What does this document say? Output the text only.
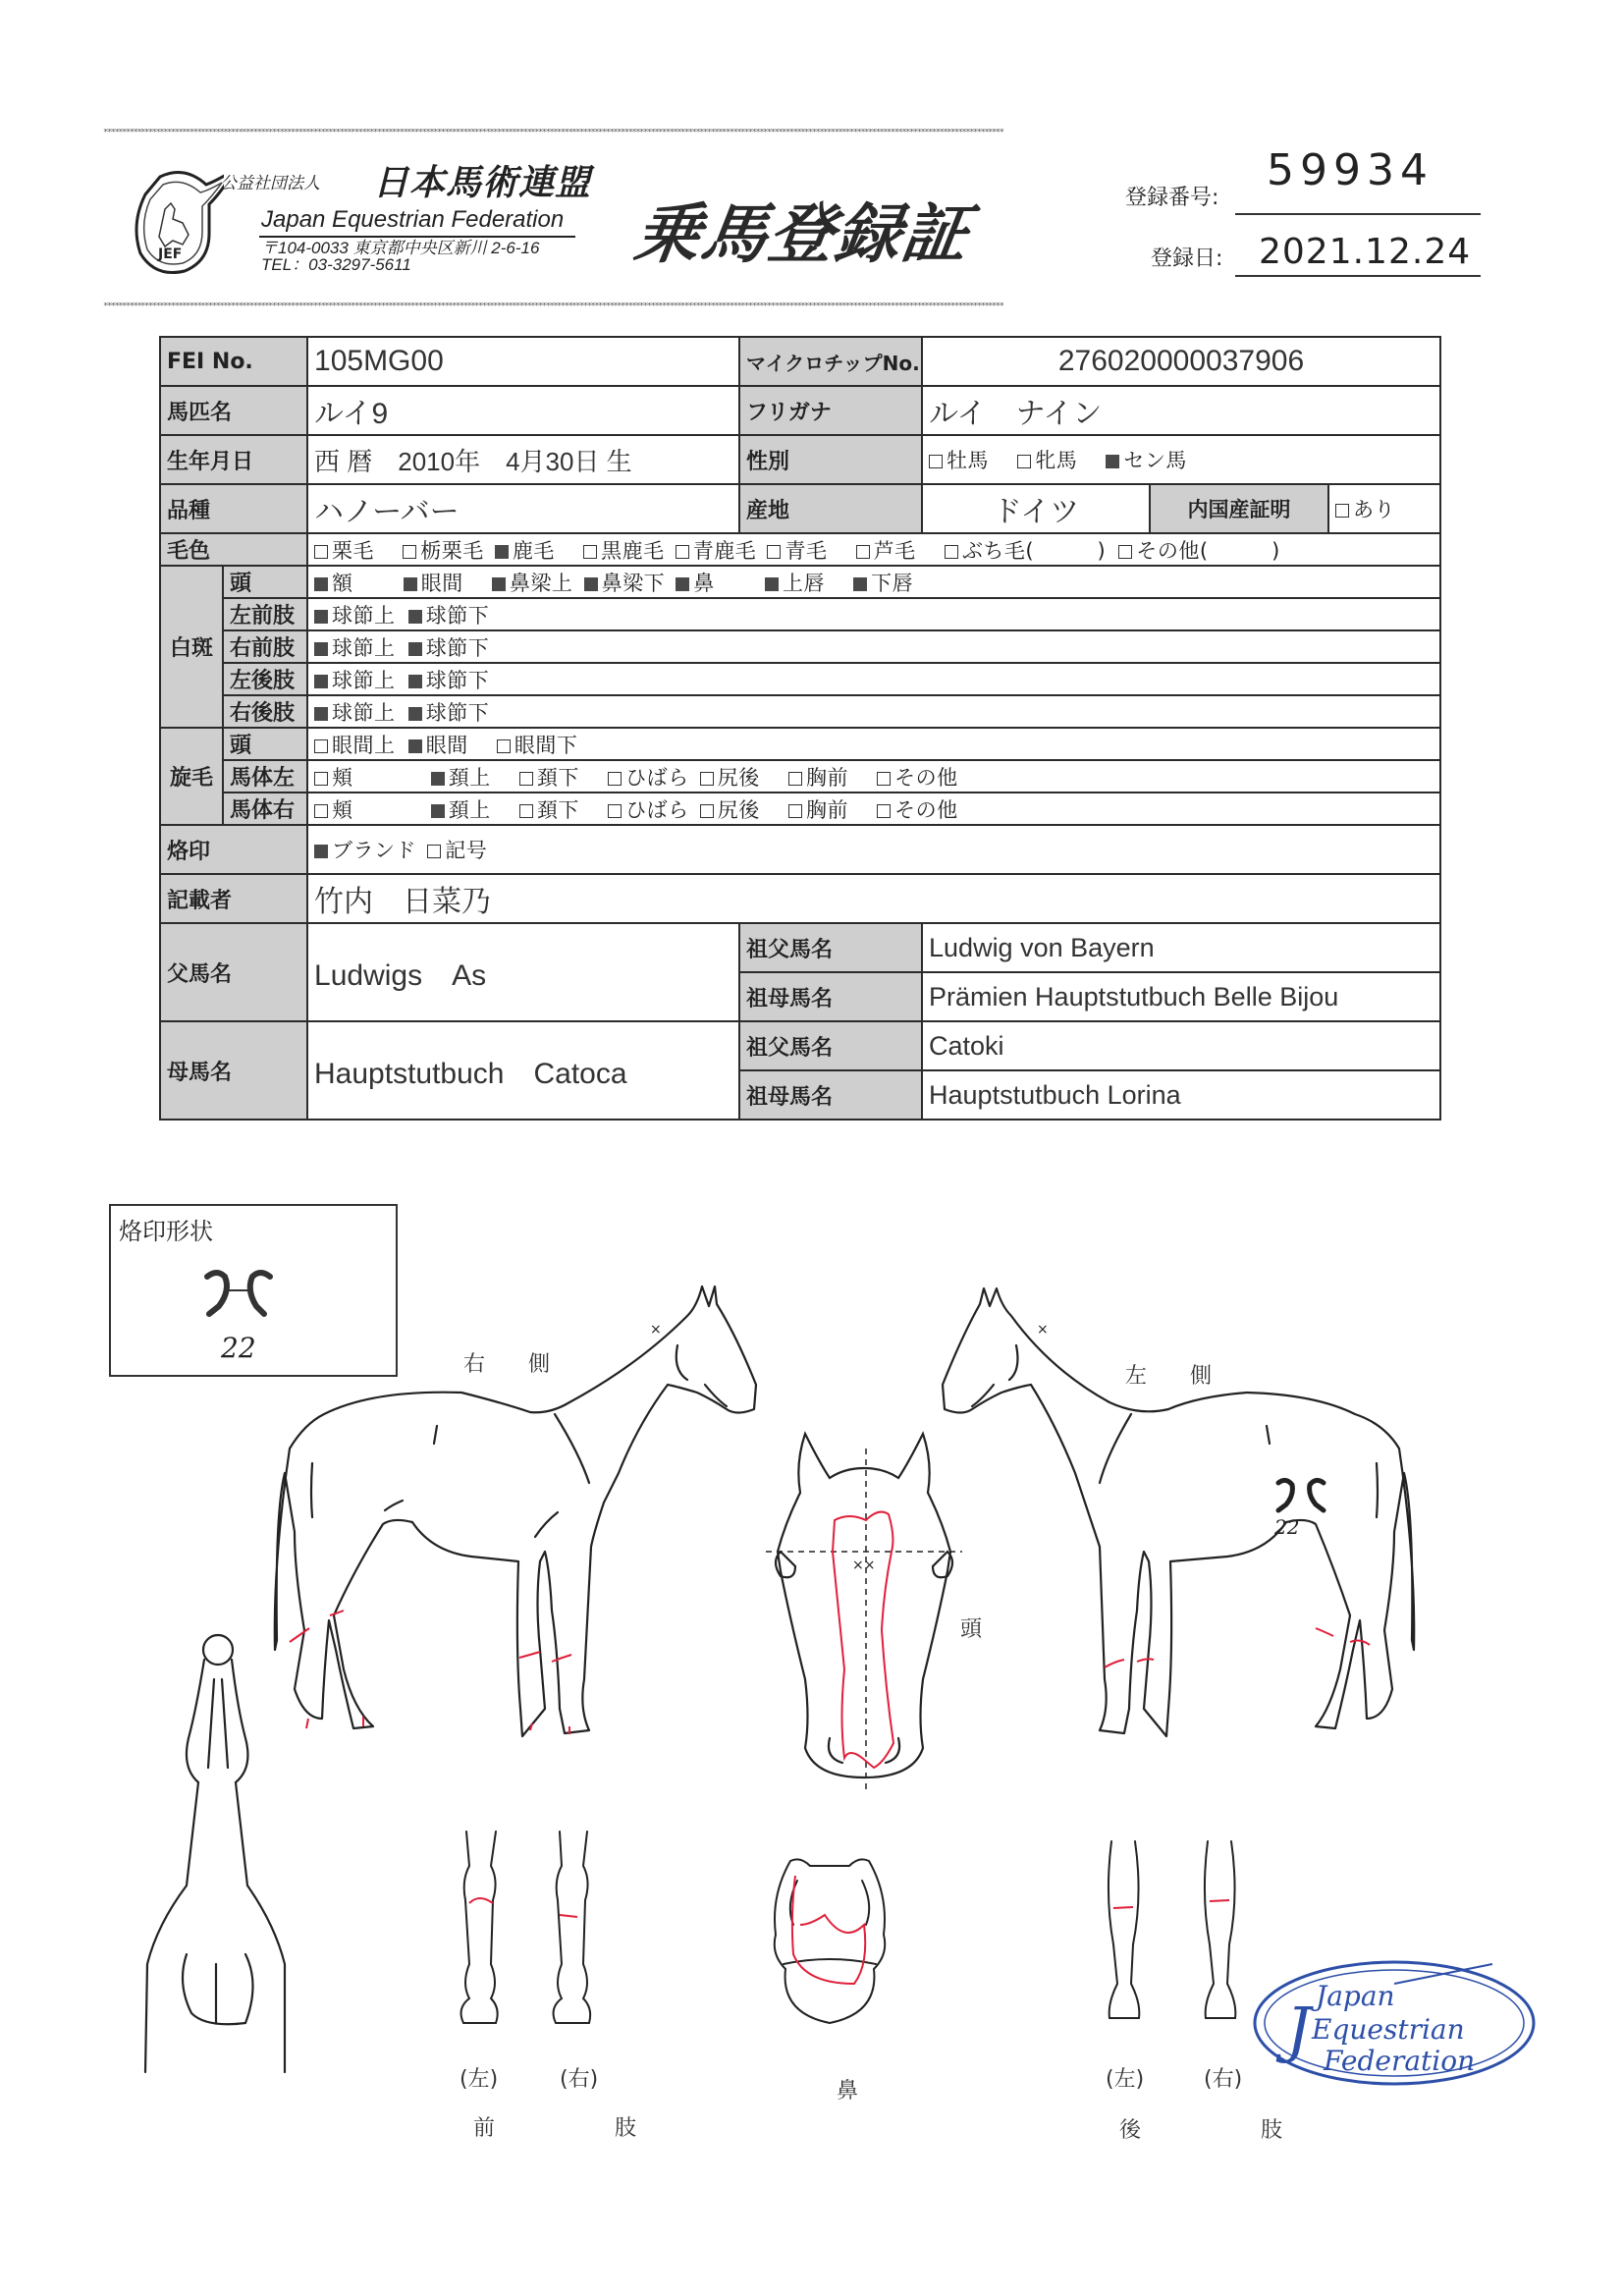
************************************************************************************************************************************************************************************************************************************************
************************************************************************************************************************************************************************************************************************************************
JEF
公益社団法人 日本馬術連盟
Japan Equestrian Federation
〒104-0033 東京都中央区新川 2-6-16
TEL：03-3297-5611	乗馬登録証	登録番号:
59934
登録日: 2021.12.24
FEI No.		105MG00	マイクロチップNo.	276020000037906		
馬匹名		ルイ9	フリガナ	ルイ　ナイン		
生年月日		西 暦　2010年　4月30日 生	性別	牡馬 牝馬 セン馬		
品種		ハノーバー	産地	ドイツ	内国産証明	あり
毛色		栗毛 栃栗毛 鹿毛 黒鹿毛 青鹿毛 青毛 芦毛 ぶち毛(　　　) その他(　　　)				
白斑	頭	額 眼間 鼻梁上 鼻梁下 鼻 上唇 下唇				
	左前肢	球節上 球節下				
	右前肢	球節上 球節下				
	左後肢	球節上 球節下				
	右後肢	球節上 球節下				
旋毛	頭	眼間上 眼間 眼間下				
	馬体左	頬 頚上 頚下 ひばら 尻後 胸前 その他				
	馬体右	頬 頚上 頚下 ひばら 尻後 胸前 その他				
烙印		ブランド 記号				
記載者		竹内　日菜乃				
父馬名		Ludwigs　As	祖父馬名	Ludwig von Bayern		
			祖母馬名	Prämien Hauptstutbuch Belle Bijou		
母馬名		Hauptstutbuch　Catoca	祖父馬名	Catoki		
			祖母馬名	Hauptstutbuch Lorina		
烙印形状
22
右側	左側
×	×
22
××
頭
(左)	(右)
前　　肢
鼻	(左)	(右)
後　　肢
J Japan
Equestrian
Federation
